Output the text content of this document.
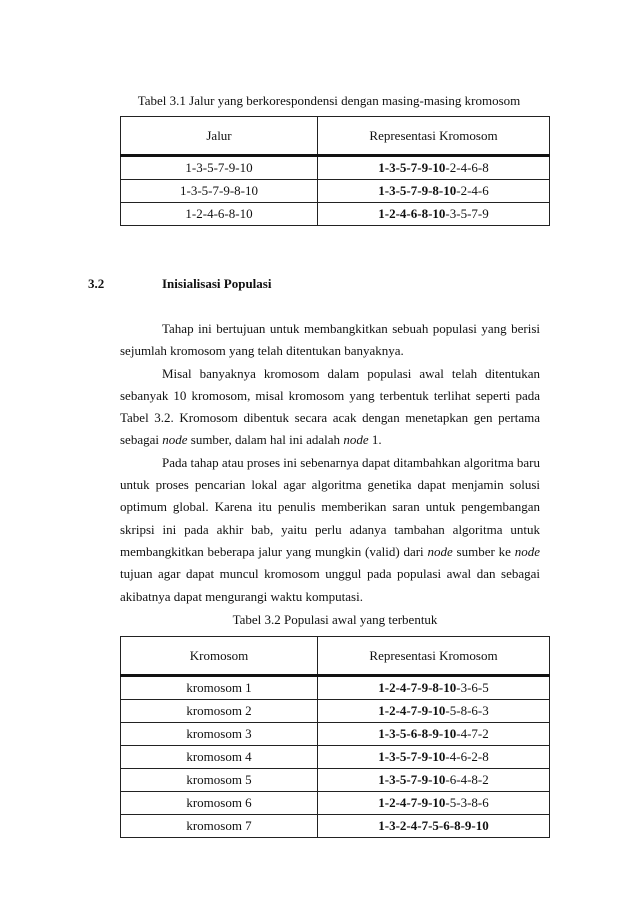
Tabel 3.1 Jalur yang berkorespondensi dengan masing-masing kromosom
Jalur	Representasi Kromosom
1-3-5-7-9-10	1-3-5-7-9-10-2-4-6-8
1-3-5-7-9-8-10	1-3-5-7-9-8-10-2-4-6
1-2-4-6-8-10	1-2-4-6-8-10-3-5-7-9
3.2	Inisialisasi Populasi

Tahap ini bertujuan untuk membangkitkan sebuah populasi yang berisi sejumlah kromosom yang telah ditentukan banyaknya.

Misal banyaknya kromosom dalam populasi awal telah ditentukan sebanyak 10 kromosom, misal kromosom yang terbentuk terlihat seperti pada Tabel 3.2. Kromosom dibentuk secara acak dengan menetapkan gen pertama sebagai node sumber, dalam hal ini adalah node 1.

Pada tahap atau proses ini sebenarnya dapat ditambahkan algoritma baru untuk proses pencarian lokal agar algoritma genetika dapat menjamin solusi optimum global. Karena itu penulis memberikan saran untuk pengembangan skripsi ini pada akhir bab, yaitu perlu adanya tambahan algoritma untuk membangkitkan beberapa jalur yang mungkin (valid) dari node sumber ke node tujuan agar dapat muncul kromosom unggul pada populasi awal dan sebagai akibatnya dapat mengurangi waktu komputasi.

Tabel 3.2 Populasi awal yang terbentuk
Kromosom	Representasi Kromosom
kromosom 1	1-2-4-7-9-8-10-3-6-5
kromosom 2	1-2-4-7-9-10-5-8-6-3
kromosom 3	1-3-5-6-8-9-10-4-7-2
kromosom 4	1-3-5-7-9-10-4-6-2-8
kromosom 5	1-3-5-7-9-10-6-4-8-2
kromosom 6	1-2-4-7-9-10-5-3-8-6
kromosom 7	1-3-2-4-7-5-6-8-9-10
